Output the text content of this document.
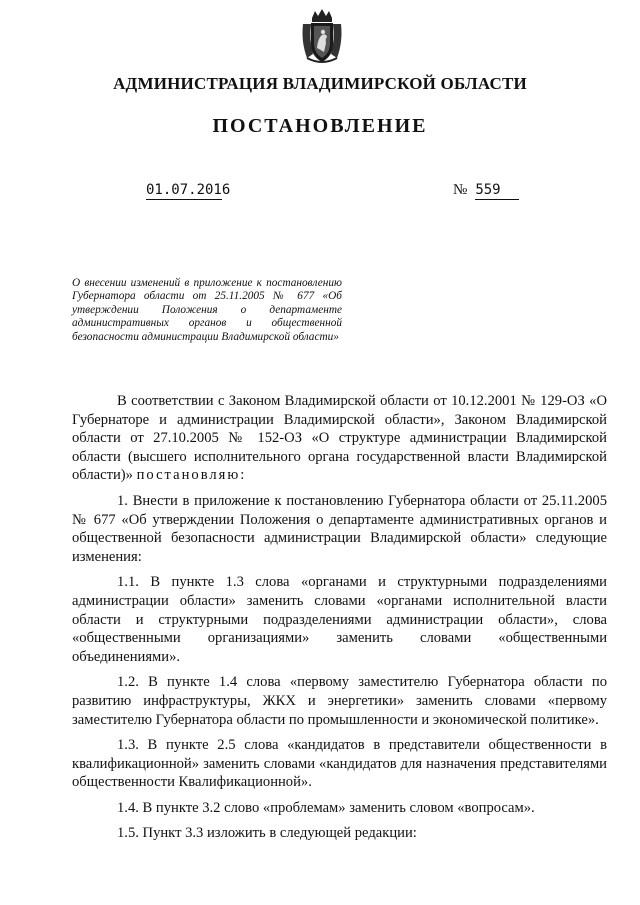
АДМИНИСТРАЦИЯ ВЛАДИМИРСКОЙ ОБЛАСТИ
ПОСТАНОВЛЕНИЕ
01.07.2016	№ 559
О внесении изменений в приложение к постановлению Губернатора области от 25.11.2005 № 677 «Об утверждении Положения о департаменте административных органов и общественной безопасности администрации Владимирской области»

В соответствии с Законом Владимирской области от 10.12.2001 № 129-ОЗ «О Губернаторе и администрации Владимирской области», Законом Владимирской области от 27.10.2005 № 152-ОЗ «О структуре администрации Владимирской области (высшего исполнительного органа государственной власти Владимирской области)» постановляю:

1. Внести в приложение к постановлению Губернатора области от 25.11.2005 № 677 «Об утверждении Положения о департаменте административных органов и общественной безопасности администрации Владимирской области» следующие изменения:

1.1. В пункте 1.3 слова «органами и структурными подразделениями администрации области» заменить словами «органами исполнительной власти области и структурными подразделениями администрации области», слова «общественными организациями» заменить словами «общественными объединениями».

1.2. В пункте 1.4 слова «первому заместителю Губернатора области по развитию инфраструктуры, ЖКХ и энергетики» заменить словами «первому заместителю Губернатора области по промышленности и экономической политике».

1.3. В пункте 2.5 слова «кандидатов в представители общественности в квалификационной» заменить словами «кандидатов для назначения представителями общественности Квалификационной».

1.4. В пункте 3.2 слово «проблемам» заменить словом «вопросам».

1.5. Пункт 3.3 изложить в следующей редакции:
